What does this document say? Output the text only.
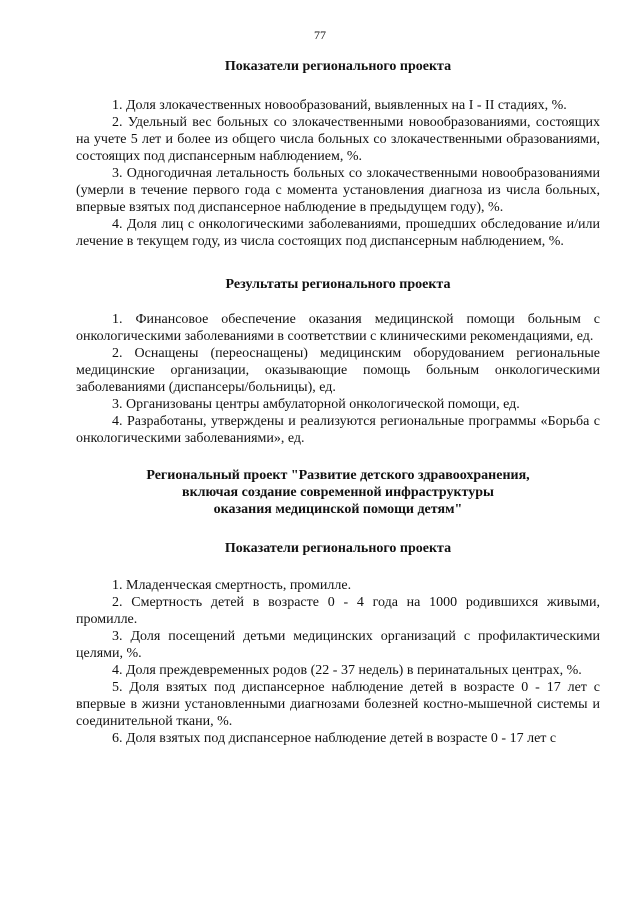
77

Показатели регионального проекта

1. Доля злокачественных новообразований, выявленных на I - II стадиях, %.

2. Удельный вес больных со злокачественными новообразованиями, состоящих на учете 5 лет и более из общего числа больных со злокачественными образованиями, состоящих под диспансерным наблюдением, %.

3. Одногодичная летальность больных со злокачественными новообразованиями (умерли в течение первого года с момента установления диагноза из числа больных, впервые взятых под диспансерное наблюдение в предыдущем году), %.

4. Доля лиц с онкологическими заболеваниями, прошедших обследование и/или лечение в текущем году, из числа состоящих под диспансерным наблюдением, %.

Результаты регионального проекта

1. Финансовое обеспечение оказания медицинской помощи больным с онкологическими заболеваниями в соответствии с клиническими рекомендациями, ед.

2. Оснащены (переоснащены) медицинским оборудованием региональные медицинские организации, оказывающие помощь больным онкологическими заболеваниями (диспансеры/больницы), ед.

3. Организованы центры амбулаторной онкологической помощи, ед.

4. Разработаны, утверждены и реализуются региональные программы «Борьба с онкологическими заболеваниями», ед.

Региональный проект "Развитие детского здравоохранения,
включая создание современной инфраструктуры
оказания медицинской помощи детям"

Показатели регионального проекта

1. Младенческая смертность, промилле.

2. Смертность детей в возрасте 0 - 4 года на 1000 родившихся живыми, промилле.

3. Доля посещений детьми медицинских организаций с профилактическими целями, %.

4. Доля преждевременных родов (22 - 37 недель) в перинатальных центрах, %.

5. Доля взятых под диспансерное наблюдение детей в возрасте 0 - 17 лет с впервые в жизни установленными диагнозами болезней костно-мышечной системы и соединительной ткани, %.

6. Доля взятых под диспансерное наблюдение детей в возрасте 0 - 17 лет с
